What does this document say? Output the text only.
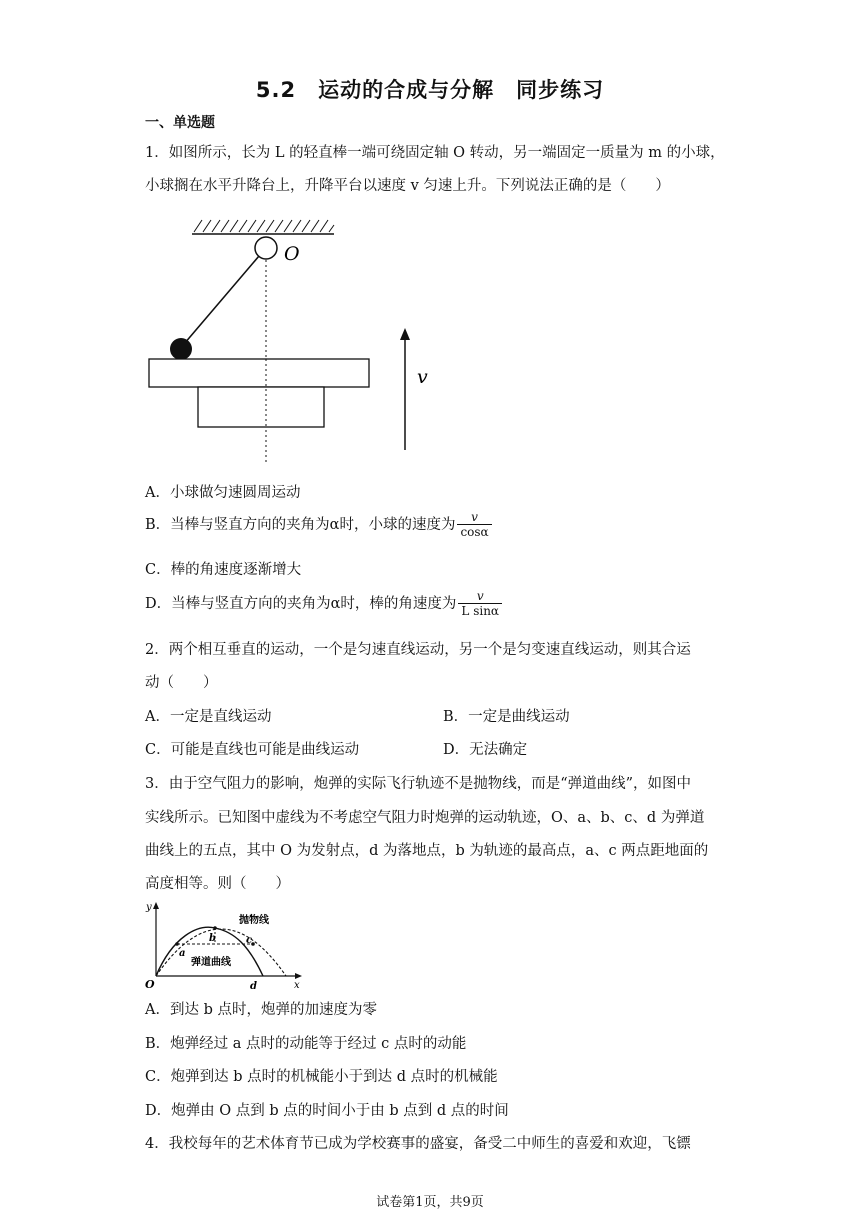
5.2　运动的合成与分解　同步练习
一、单选题
1．如图所示，长为 L 的轻直棒一端可绕固定轴 O 转动，另一端固定一质量为 m 的小球，
小球搁在水平升降台上，升降平台以速度 v 匀速上升。下列说法正确的是（　　）
O
v
A．小球做匀速圆周运动
B．当棒与竖直方向的夹角为α时，小球的速度为 $\frac{v}{\cos\alpha}$
C．棒的角速度逐渐增大
D．当棒与竖直方向的夹角为α时，棒的角速度为 $\frac{v}{\text{L sinα}}$
2．两个相互垂直的运动，一个是匀速直线运动，另一个是匀变速直线运动，则其合运
动（　　）
A．一定是直线运动	B．一定是曲线运动
C．可能是直线也可能是曲线运动	D．无法确定
3．由于空气阻力的影响，炮弹的实际飞行轨迹不是抛物线，而是“弹道曲线”，如图中
实线所示。已知图中虚线为不考虑空气阻力时炮弹的运动轨迹，O、a、b、c、d 为弹道
曲线上的五点，其中 O 为发射点，d 为落地点，b 为轨迹的最高点，a、c 两点距地面的
高度相等。则（　　）
y
x
O
a
b	c
d
抛物线
弹道曲线
A．到达 b 点时，炮弹的加速度为零
B．炮弹经过 a 点时的动能等于经过 c 点时的动能
C．炮弹到达 b 点时的机械能小于到达 d 点时的机械能
D．炮弹由 O 点到 b 点的时间小于由 b 点到 d 点的时间
4．我校每年的艺术体育节已成为学校赛事的盛宴，备受二中师生的喜爱和欢迎，飞镖
试卷第1页，共9页
